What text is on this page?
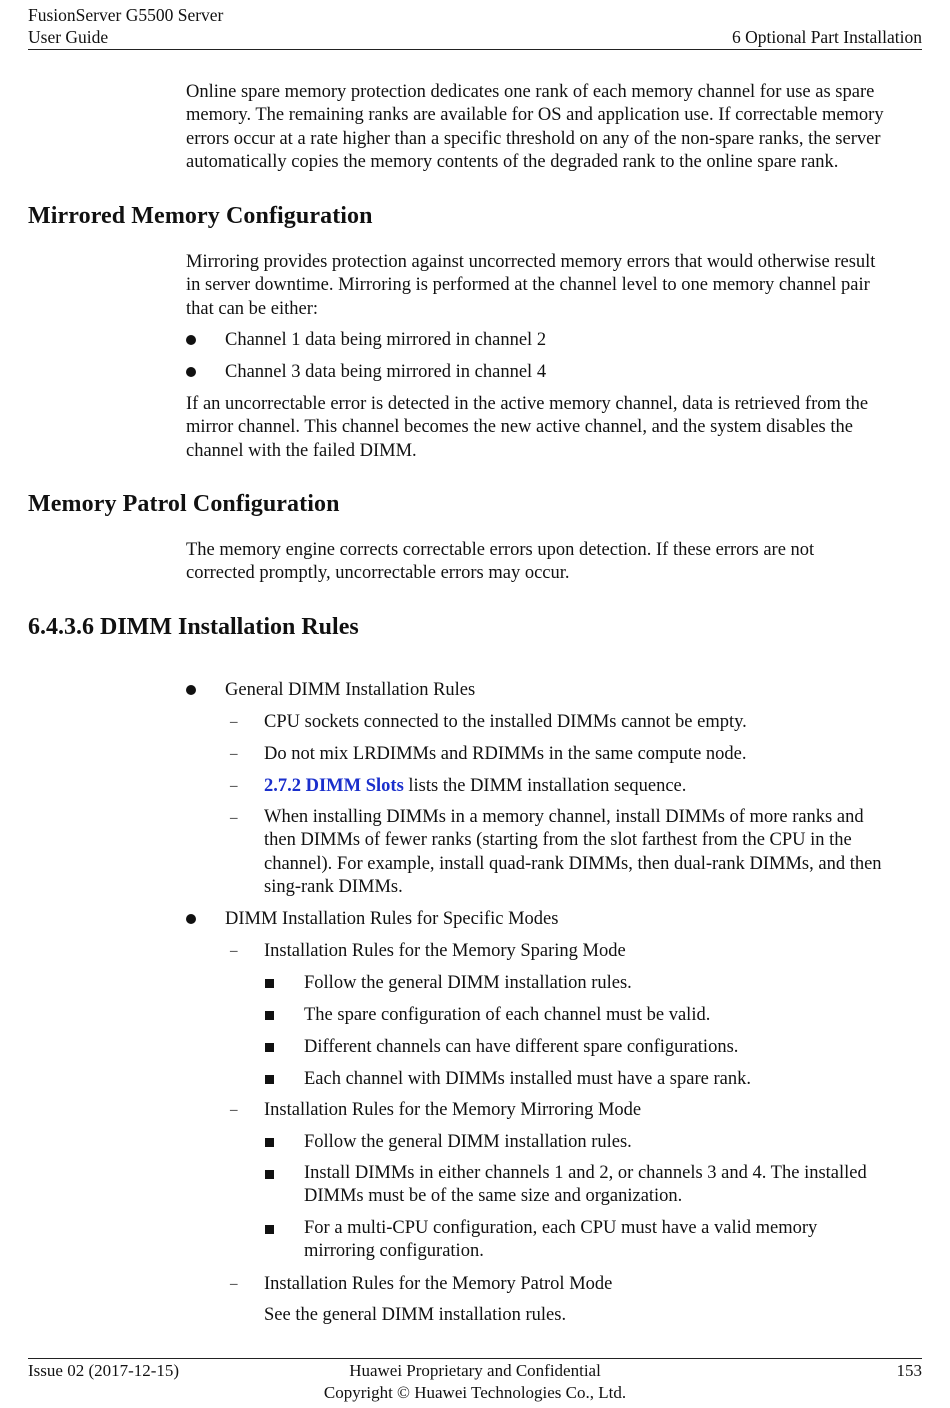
FusionServer G5500 Server
User Guide	6 Optional Part Installation
Online spare memory protection dedicates one rank of each memory channel for use as spare
memory. The remaining ranks are available for OS and application use. If correctable memory
errors occur at a rate higher than a specific threshold on any of the non-spare ranks, the server
automatically copies the memory contents of the degraded rank to the online spare rank.
Mirrored Memory Configuration
Mirroring provides protection against uncorrected memory errors that would otherwise result
in server downtime. Mirroring is performed at the channel level to one memory channel pair
that can be either:
Channel 1 data being mirrored in channel 2
Channel 3 data being mirrored in channel 4
If an uncorrectable error is detected in the active memory channel, data is retrieved from the
mirror channel. This channel becomes the new active channel, and the system disables the
channel with the failed DIMM.
Memory Patrol Configuration
The memory engine corrects correctable errors upon detection. If these errors are not
corrected promptly, uncorrectable errors may occur.
6.4.3.6 DIMM Installation Rules
General DIMM Installation Rules
– CPU sockets connected to the installed DIMMs cannot be empty.
– Do not mix LRDIMMs and RDIMMs in the same compute node.
– 2.7.2 DIMM Slots lists the DIMM installation sequence.
– When installing DIMMs in a memory channel, install DIMMs of more ranks and
then DIMMs of fewer ranks (starting from the slot farthest from the CPU in the
channel). For example, install quad-rank DIMMs, then dual-rank DIMMs, and then
sing-rank DIMMs.
DIMM Installation Rules for Specific Modes
– Installation Rules for the Memory Sparing Mode
Follow the general DIMM installation rules.
The spare configuration of each channel must be valid.
Different channels can have different spare configurations.
Each channel with DIMMs installed must have a spare rank.
– Installation Rules for the Memory Mirroring Mode
Follow the general DIMM installation rules.
Install DIMMs in either channels 1 and 2, or channels 3 and 4. The installed
DIMMs must be of the same size and organization.
For a multi-CPU configuration, each CPU must have a valid memory
mirroring configuration.
– Installation Rules for the Memory Patrol Mode
See the general DIMM installation rules.
Issue 02 (2017-12-15)	Huawei Proprietary and Confidential
Copyright © Huawei Technologies Co., Ltd.
153
